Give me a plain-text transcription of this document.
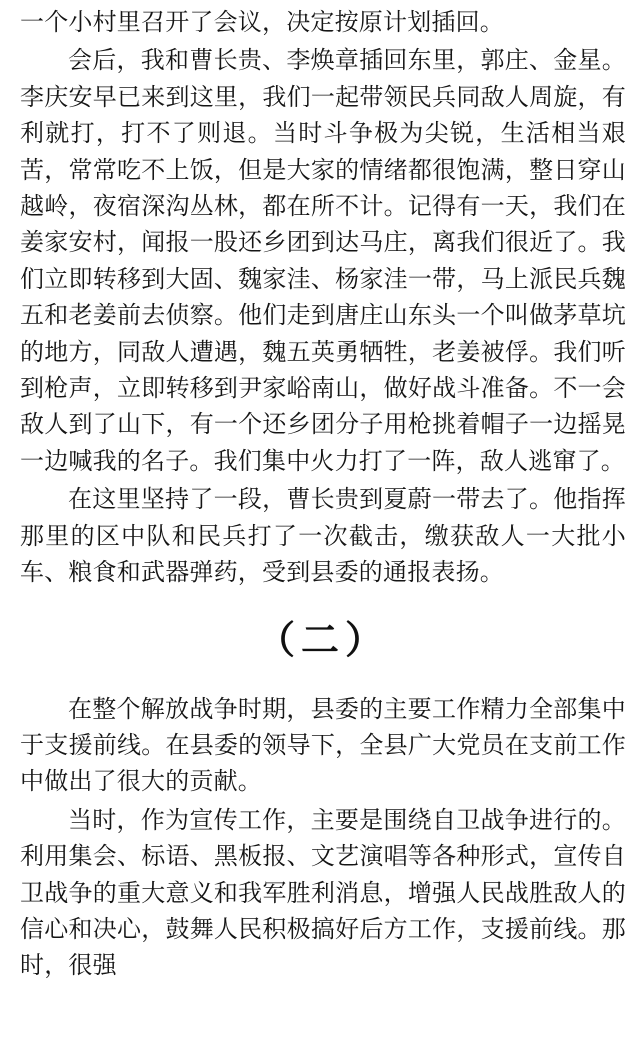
一个小村里召开了会议，决定按原计划插回。

会后，我和曹长贵、李焕章插回东里，郭庄、金星。李庆安早已来到这里，我们一起带领民兵同敌人周旋，有利就打，打不了则退。当时斗争极为尖锐，生活相当艰苦，常常吃不上饭，但是大家的情绪都很饱满，整日穿山越岭，夜宿深沟丛林，都在所不计。记得有一天，我们在姜家安村，闻报一股还乡团到达马庄，离我们很近了。我们立即转移到大固、魏家洼、杨家洼一带，马上派民兵魏五和老姜前去侦察。他们走到唐庄山东头一个叫做茅草坑的地方，同敌人遭遇，魏五英勇牺牲，老姜被俘。我们听到枪声，立即转移到尹家峪南山，做好战斗准备。不一会敌人到了山下，有一个还乡团分子用枪挑着帽子一边摇晃一边喊我的名子。我们集中火力打了一阵，敌人逃窜了。

在这里坚持了一段，曹长贵到夏蔚一带去了。他指挥那里的区中队和民兵打了一次截击，缴获敌人一大批小车、粮食和武器弹药，受到县委的通报表扬。

（二）

在整个解放战争时期，县委的主要工作精力全部集中于支援前线。在县委的领导下，全县广大党员在支前工作中做出了很大的贡献。

当时，作为宣传工作，主要是围绕自卫战争进行的。利用集会、标语、黑板报、文艺演唱等各种形式，宣传自卫战争的重大意义和我军胜利消息，增强人民战胜敌人的信心和决心，鼓舞人民积极搞好后方工作，支援前线。那时，很强
